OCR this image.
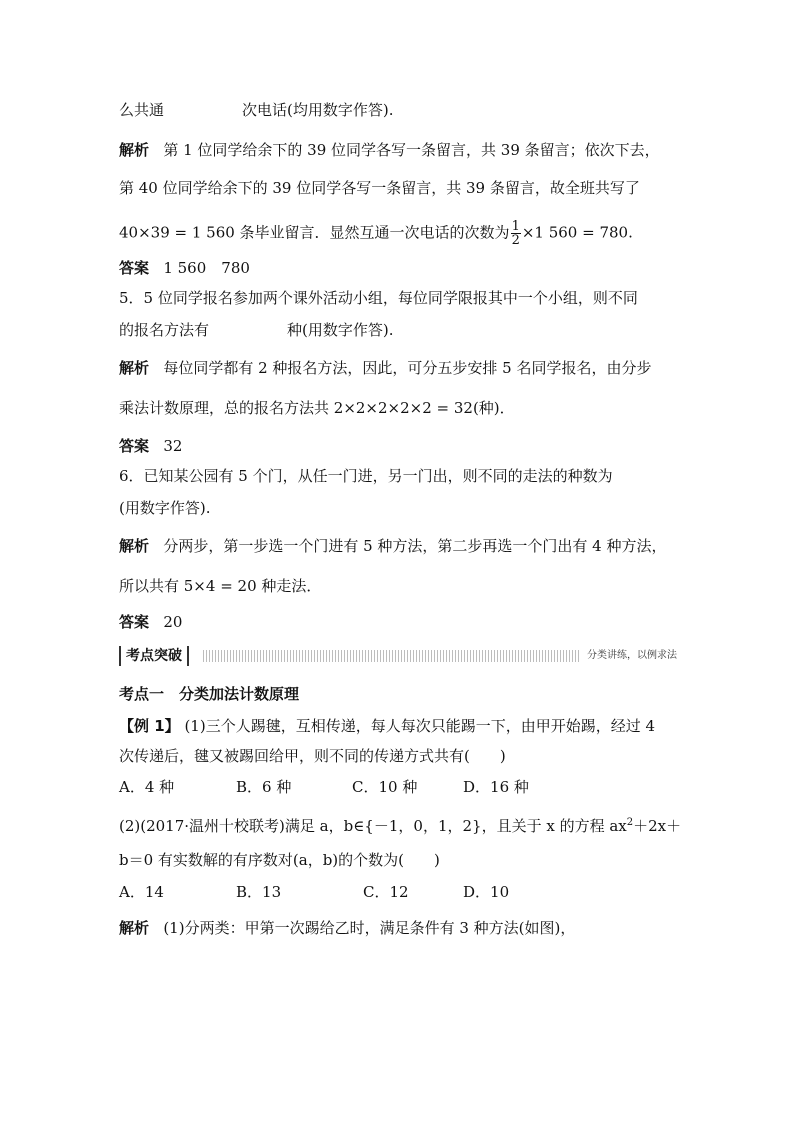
么共通	次电话(均用数字作答).
解析 第 1 位同学给余下的 39 位同学各写一条留言，共 39 条留言；依次下去，
第 40 位同学给余下的 39 位同学各写一条留言，共 39 条留言，故全班共写了
40×39 = 1 560 条毕业留言．显然互通一次电话的次数为 $\frac{1}{2} \times 1$ 560 = 780.
答案 1 560　780
5．5 位同学报名参加两个课外活动小组，每位同学限报其中一个小组，则不同
的报名方法有	种(用数字作答).
解析 每位同学都有 2 种报名方法，因此，可分五步安排 5 名同学报名，由分步
乘法计数原理，总的报名方法共 2×2×2×2×2 = 32(种)．
答案 32
6．已知某公园有 5 个门，从任一门进，另一门出，则不同的走法的种数为
(用数字作答).
解析 分两步，第一步选一个门进有 5 种方法，第二步再选一个门出有 4 种方法，
所以共有 5×4 = 20 种走法．
答案 20
考点突破	分类讲练，以例求法
考点一　分类加法计数原理
【例 1】 (1)三个人踢毽，互相传递，每人每次只能踢一下，由甲开始踢，经过 4
次传递后，毽又被踢回给甲，则不同的传递方式共有(　　)
A．4 种	B．6 种	C．10 种	D．16 种
(2)(2017·温州十校联考)满足 a，b∈{－1，0，1，2}，且关于 x 的方程 $ax^2+2x+$
b＝0 有实数解的有序数对(a，b)的个数为(　　)
A．14	B．13	C．12	D．10
解析 (1)分两类：甲第一次踢给乙时，满足条件有 3 种方法(如图)，
